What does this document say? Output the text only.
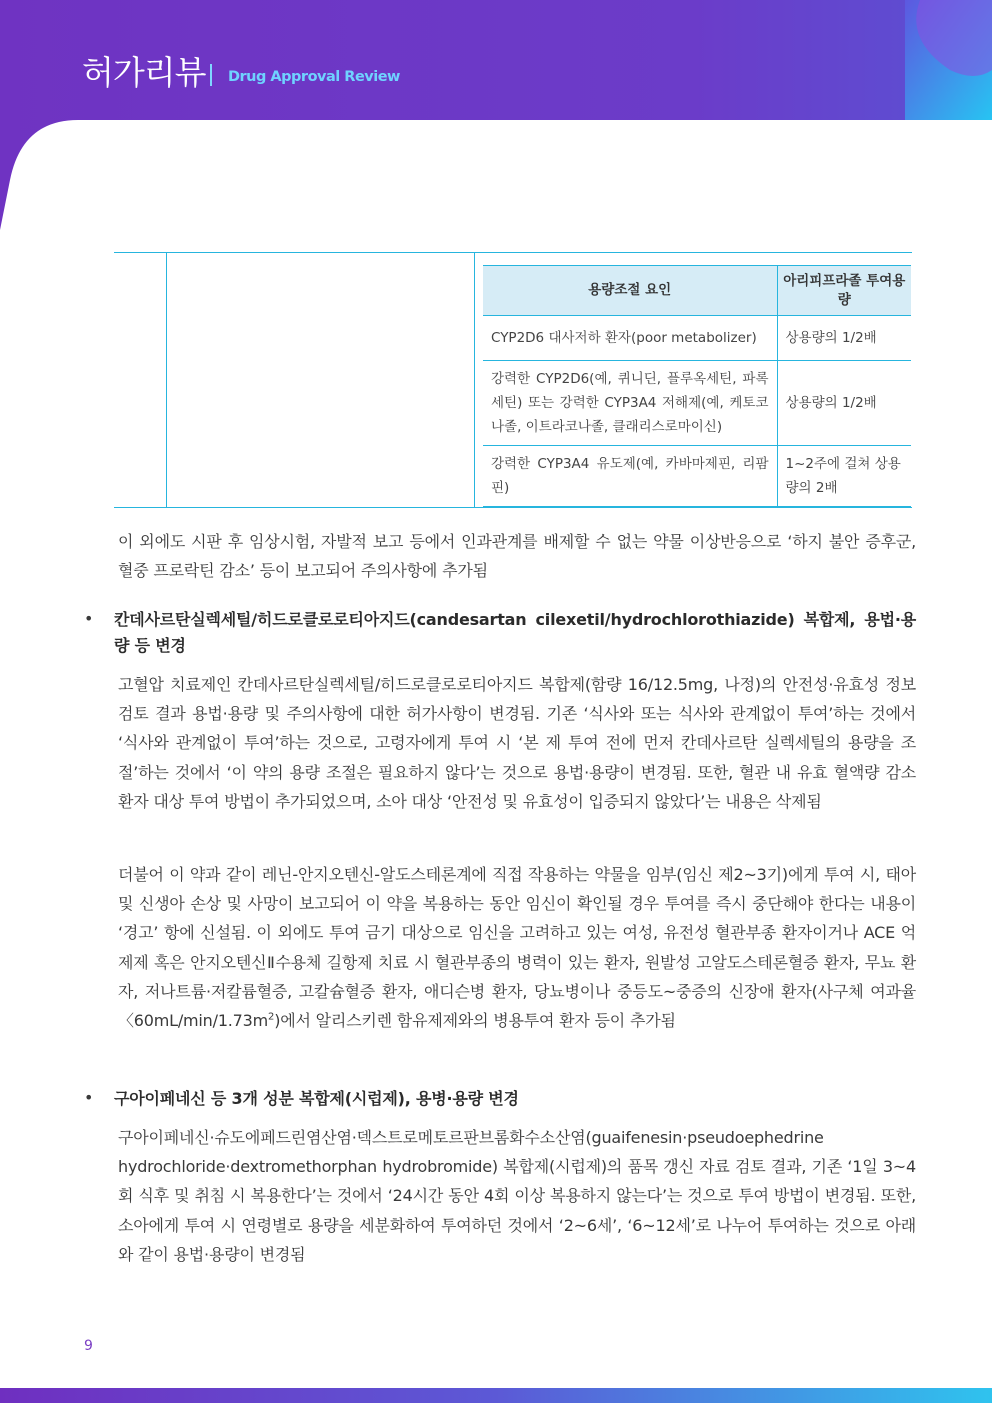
허가리뷰 Drug Approval Review
용량조절 요인	아리피프라졸 투여용량
CYP2D6 대사저하 환자(poor metabolizer)	상용량의 1/2배
강력한 CYP2D6(예, 퀴니딘, 플루옥세틴, 파록세틴) 또는 강력한 CYP3A4 저해제(예, 케토코나졸, 이트라코나졸, 클래리스로마이신)	상용량의 1/2배
강력한 CYP3A4 유도제(예, 카바마제핀, 리팜핀)	1~2주에 걸쳐 상용량의 2배

이 외에도 시판 후 임상시험, 자발적 보고 등에서 인과관계를 배제할 수 없는 약물 이상반응으로 ‘하지 불안 증후군, 혈중 프로락틴 감소’ 등이 보고되어 주의사항에 추가됨

• 칸데사르탄실렉세틸/히드로클로로티아지드(candesartan cilexetil/hydrochlorothiazide) 복합제, 용법·용량 등 변경

고혈압 치료제인 칸데사르탄실렉세틸/히드로클로로티아지드 복합제(함량 16/12.5mg, 나정)의 안전성·유효성 정보 검토 결과 용법·용량 및 주의사항에 대한 허가사항이 변경됨. 기존 ‘식사와 또는 식사와 관계없이 투여’하는 것에서 ‘식사와 관계없이 투여’하는 것으로, 고령자에게 투여 시 ‘본 제 투여 전에 먼저 칸데사르탄 실렉세틸의 용량을 조절’하는 것에서 ‘이 약의 용량 조절은 필요하지 않다’는 것으로 용법·용량이 변경됨. 또한, 혈관 내 유효 혈액량 감소 환자 대상 투여 방법이 추가되었으며, 소아 대상 ‘안전성 및 유효성이 입증되지 않았다’는 내용은 삭제됨

더불어 이 약과 같이 레닌-안지오텐신-알도스테론계에 직접 작용하는 약물을 임부(임신 제2~3기)에게 투여 시, 태아 및 신생아 손상 및 사망이 보고되어 이 약을 복용하는 동안 임신이 확인될 경우 투여를 즉시 중단해야 한다는 내용이 ‘경고’ 항에 신설됨. 이 외에도 투여 금기 대상으로 임신을 고려하고 있는 여성, 유전성 혈관부종 환자이거나 ACE 억제제 혹은 안지오텐신Ⅱ수용체 길항제 치료 시 혈관부종의 병력이 있는 환자, 원발성 고알도스테론혈증 환자, 무뇨 환자, 저나트륨·저칼륨혈증, 고칼슘혈증 환자, 애디슨병 환자, 당뇨병이나 중등도~중증의 신장애 환자(사구체 여과율 〈$60mL/\min/1.73m^2$)에서 알리스키렌 함유제제와의 병용투여 환자 등이 추가됨

• 구아이페네신 등 3개 성분 복합제(시럽제), 용병·용량 변경

구아이페네신·슈도에페드린염산염·덱스트로메토르판브롬화수소산염(guaifenesin·pseudoephedrine hydrochloride·dextromethorphan hydrobromide) 복합제(시럽제)의 품목 갱신 자료 검토 결과, 기존 ‘1일 3~4회 식후 및 취침 시 복용한다’는 것에서 ‘24시간 동안 4회 이상 복용하지 않는다’는 것으로 투여 방법이 변경됨. 또한, 소아에게 투여 시 연령별로 용량을 세분화하여 투여하던 것에서 ‘2~6세’, ‘6~12세’로 나누어 투여하는 것으로 아래와 같이 용법·용량이 변경됨

9
